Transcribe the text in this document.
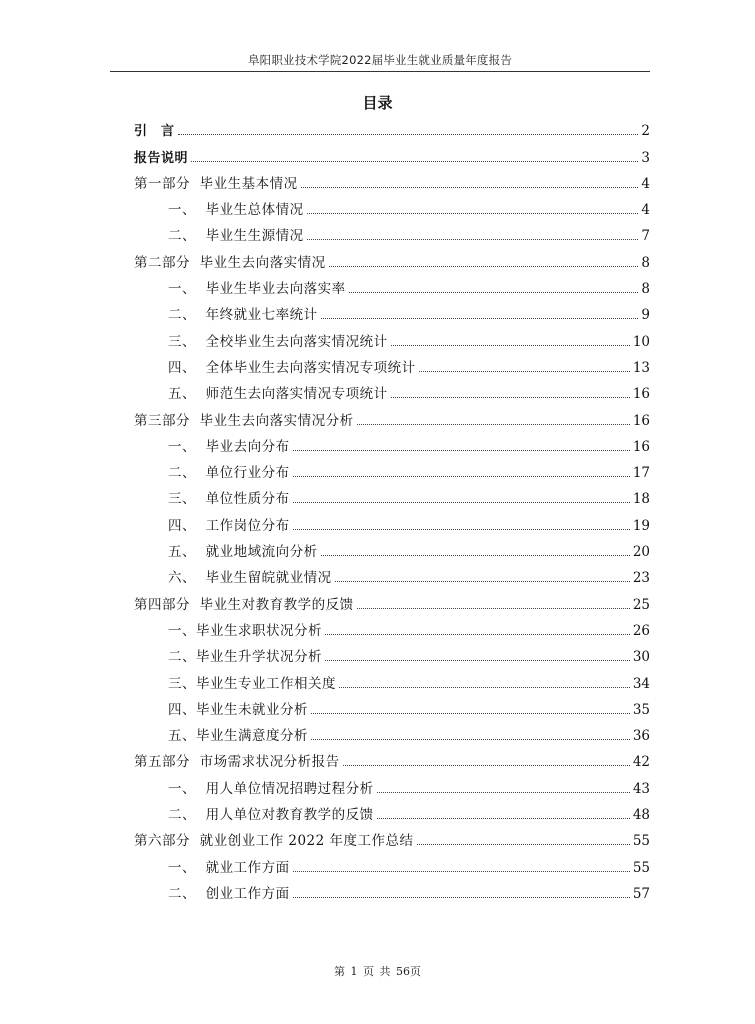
阜阳职业技术学院2022届毕业生就业质量年度报告
目录
引　言	2
报告说明	3
第一部分  毕业生基本情况	4
一、  毕业生总体情况	4
二、  毕业生生源情况	7
第二部分  毕业生去向落实情况	8
一、  毕业生毕业去向落实率	8
二、  年终就业七率统计	9
三、  全校毕业生去向落实情况统计	10
四、  全体毕业生去向落实情况专项统计	13
五、  师范生去向落实情况专项统计	16
第三部分  毕业生去向落实情况分析	16
一、  毕业去向分布	16
二、  单位行业分布	17
三、  单位性质分布	18
四、  工作岗位分布	19
五、  就业地域流向分析	20
六、  毕业生留皖就业情况	23
第四部分  毕业生对教育教学的反馈	25
一、毕业生求职状况分析	26
二、毕业生升学状况分析	30
三、毕业生专业工作相关度	34
四、毕业生未就业分析	35
五、毕业生满意度分析	36
第五部分  市场需求状况分析报告	42
一、  用人单位情况招聘过程分析	43
二、  用人单位对教育教学的反馈	48
第六部分  就业创业工作 2022 年度工作总结	55
一、  就业工作方面	55
二、  创业工作方面	57
第 1 页 共 56页
